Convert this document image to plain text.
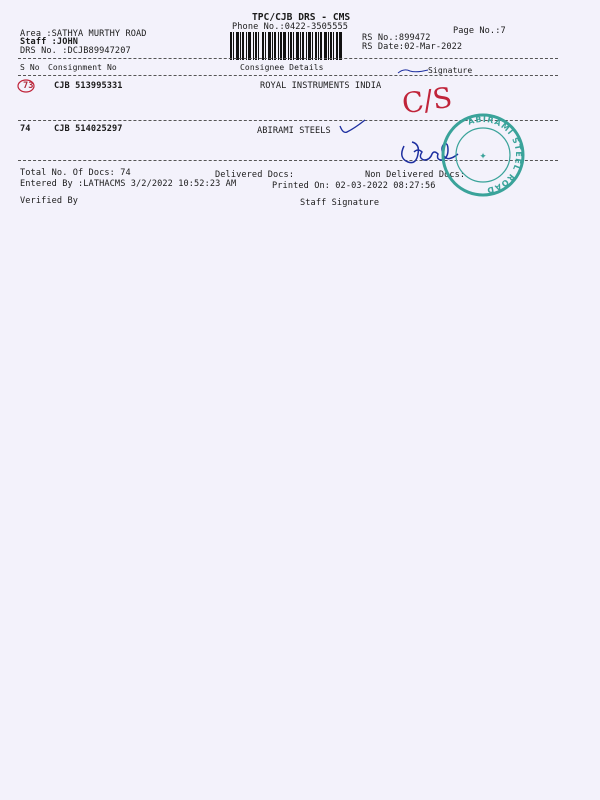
TPC/CJB DRS - CMS
Phone No.:0422-3505555	Page No.:7
Area :SATHYA MURTHY ROAD
Staff :JOHN
DRS No. :DCJB89947207
RS No.:899472
RS Date:02-Mar-2022
S No Consignment No	Consignee Details	Signature
73 CJB 513995331	ROYAL INSTRUMENTS INDIA C/S
74	CJB 514025297	ABIRAMI STEELS
Total No. Of Docs: 74	Delivered Docs:	Non Delivered Docs:
Entered By :LATHACMS 3/2/2022 10:52:23 AM	Printed On: 02-03-2022 08:27:56
Verified By	Staff Signature
ABIRAMI STEEL ROAD
✦
